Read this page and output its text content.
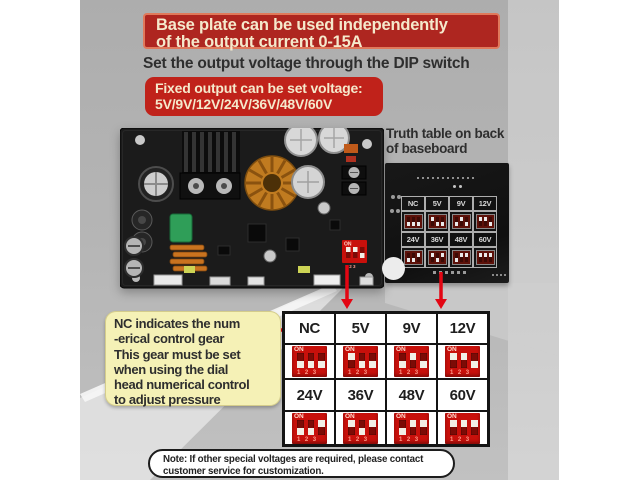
Base plate can be used independently
of the output current 0-15A
Set the output voltage through the DIP switch
Fixed output can be set voltage:
5V/9V/12V/24V/36V/48V/60V
ON
1 2 3
Truth table on back
of baseboard
NC	5V	9V	12V
24V	36V	48V	60V
NC indicates the num
-erical control gear
This gear must be set
when using the dial
head numerical control
to adjust pressure
NC	5V	9V	12V
ON
1 2 3
ON
1 2 3
ON
1 2 3
ON
1 2 3
24V	36V	48V	60V
ON
1 2 3
ON
1 2 3
ON
1 2 3
ON
1 2 3
Note: If other special voltages are required, please contact
customer service for customization.
